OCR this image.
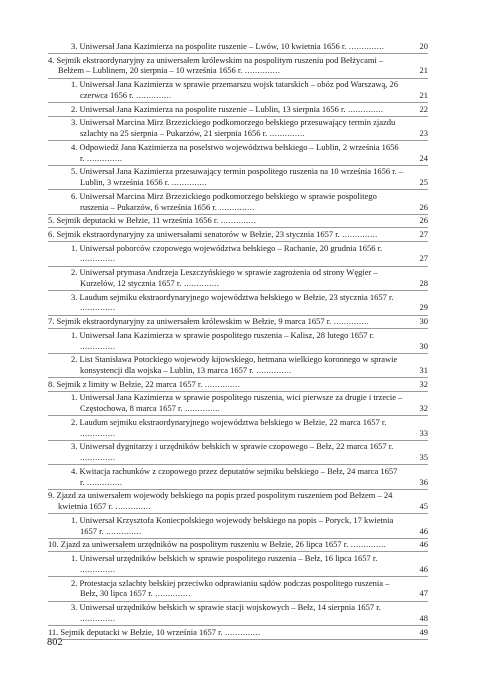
3. Uniwersał Jana Kazimierza na pospolite ruszenie – Lwów, 10 kwietnia 1656 r. ..............	20
4. Sejmik ekstraordynaryjny za uniwersałem królewskim na pospolitym ruszeniu pod Bełżycami – Bełżem – Lublinem, 20 sierpnia – 10 września 1656 r. ..............	21
1. Uniwersał Jana Kazimierza w sprawie przemarszu wojsk tatarskich – obóz pod Warszawą, 26 czerwca 1656 r. ..............	21
2. Uniwersał Jana Kazimierza na pospolite ruszenie – Lublin, 13 sierpnia 1656 r. ..............	22
3. Uniwersał Marcina Mirz Brzezickiego podkomorzego bełskiego przesuwający termin zjazdu szlachty na 25 sierpnia – Pukarzów, 21 sierpnia 1656 r. ..............	23
4. Odpowiedź Jana Kazimierza na poselstwo województwa bełskiego – Lublin, 2 września 1656 r. ..............	24
5. Uniwersał Jana Kazimierza przesuwający termin pospolitego ruszenia na 10 września 1656 r. – Lublin, 3 września 1656 r. ..............	25
6. Uniwersał Marcina Mirz Brzezickiego podkomorzego bełskiego w sprawie pospolitego ruszenia – Pukarzów, 6 września 1656 r. ..............	26
5. Sejmik deputacki w Bełzie, 11 września 1656 r. ..............	26
6. Sejmik ekstraordynaryjny za uniwersałami senatorów w Bełzie, 23 stycznia 1657 r. ..............	27
1. Uniwersał poborców czopowego województwa bełskiego – Rachanie, 20 grudnia 1656 r. ..............	27
2. Uniwersał prymasa Andrzeja Leszczyńskiego w sprawie zagrożenia od strony Węgier – Kurzelów, 12 stycznia 1657 r. ..............	28
3. Laudum sejmiku ekstraordynaryjnego województwa bełskiego w Bełzie, 23 stycznia 1657 r. ..............	29
7. Sejmik ekstraordynaryjny za uniwersałem królewskim w Bełzie, 9 marca 1657 r. ..............	30
1. Uniwersał Jana Kazimierza w sprawie pospolitego ruszenia – Kalisz, 28 lutego 1657 r. ..............	30
2. List Stanisława Potockiego wojewody kijowskiego, hetmana wielkiego koronnego w sprawie konsystencji dla wojska – Lublin, 13 marca 1657 r. ..............	31
8. Sejmik z limity w Bełzie, 22 marca 1657 r. ..............	32
1. Uniwersał Jana Kazimierza w sprawie pospolitego ruszenia, wici pierwsze za drugie i trzecie – Częstochowa, 8 marca 1657 r. ..............	32
2. Laudum sejmiku ekstraordynaryjnego województwa bełskiego w Bełzie, 22 marca 1657 r. ..............	33
3. Uniwersał dygnitarzy i urzędników bełskich w sprawie czopowego – Bełz, 22 marca 1657 r. ..............	35
4. Kwitacja rachunków z czopowego przez deputatów sejmiku bełskiego – Bełz, 24 marca 1657 r. ..............	36
9. Zjazd za uniwersałem wojewody bełskiego na popis przed pospolitym ruszeniem pod Bełzem – 24 kwietnia 1657 r. ..............	45
1. Uniwersał Krzysztofa Koniecpolskiego wojewody bełskiego na popis – Poryck, 17 kwietnia 1657 r. ..............	46
10. Zjazd za uniwersałem urzędników na pospolitym ruszeniu w Bełzie, 26 lipca 1657 r. ..............	46
1. Uniwersał urzędników bełskich w sprawie pospolitego ruszenia – Bełz, 16 lipca 1657 r. ..............	46
2. Protestacja szlachty bełskiej przeciwko odprawianiu sądów podczas pospolitego ruszenia – Bełz, 30 lipca 1657 r. ..............	47
3. Uniwersał urzędników bełskich w sprawie stacji wojskowych – Bełz, 14 sierpnia 1657 r. ..............	48
11. Sejmik deputacki w Bełzie, 10 września 1657 r. ..............	49
802
